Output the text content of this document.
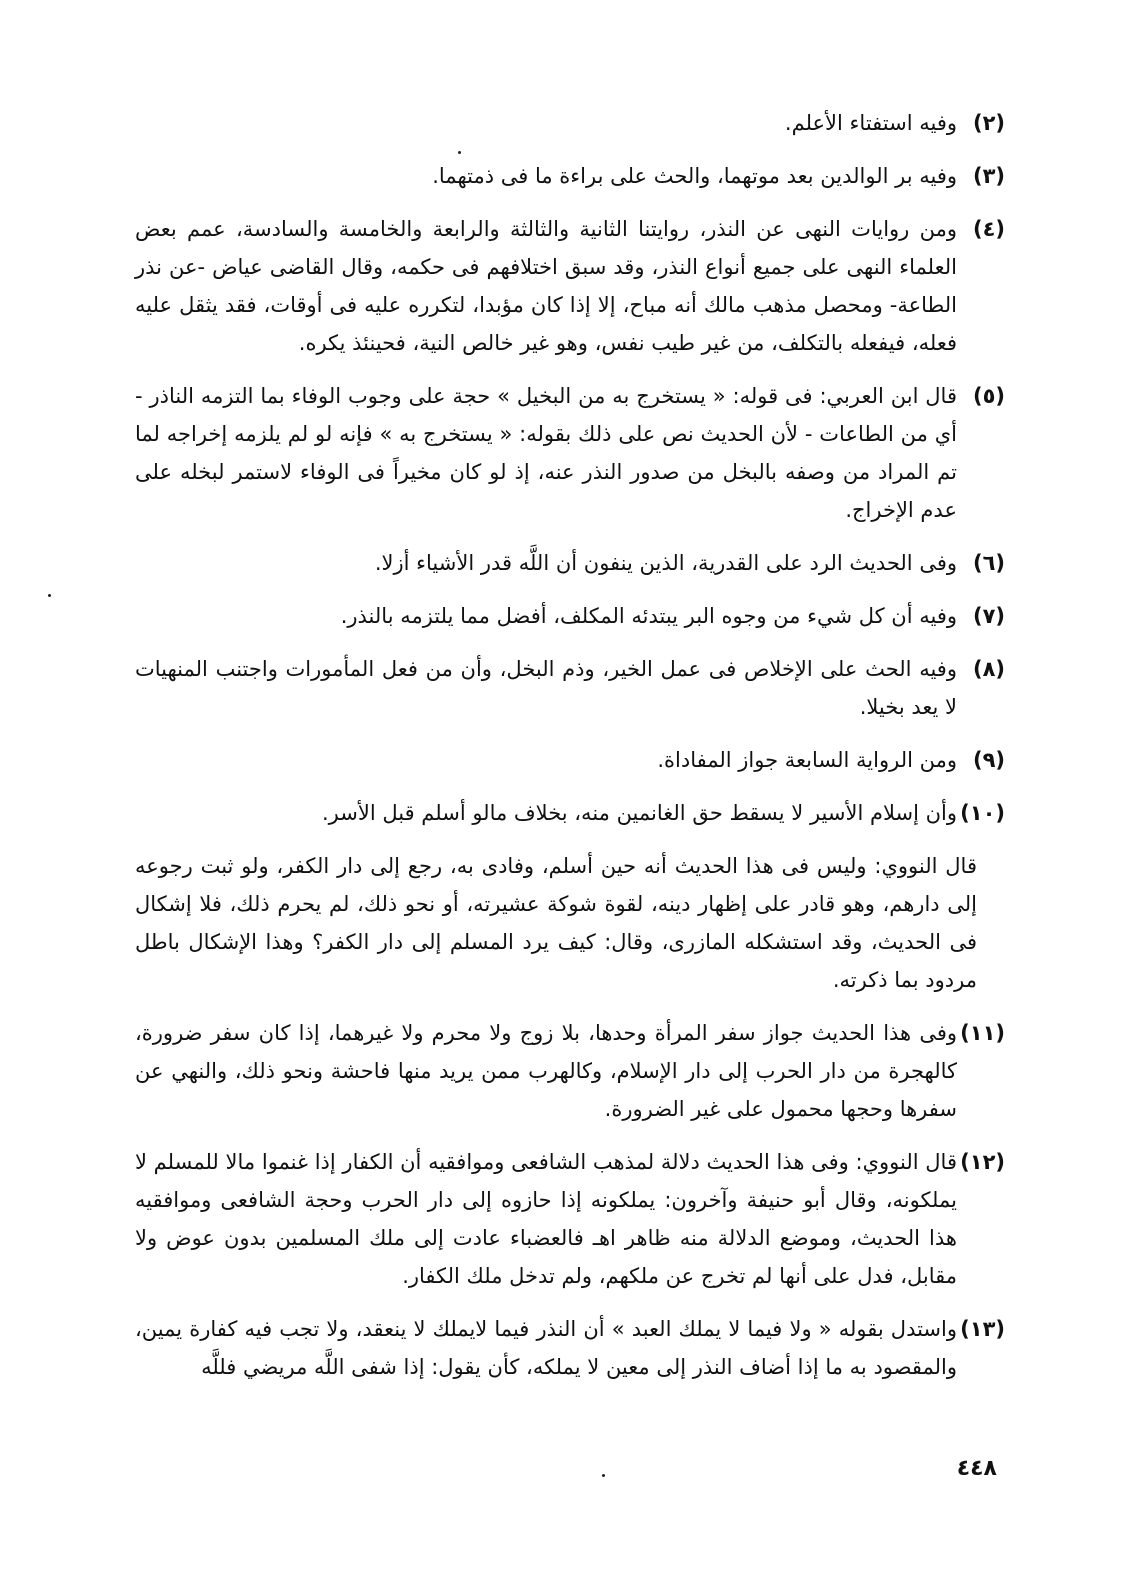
(٢)
وفيه استفتاء الأعلم.
(٣)
وفيه بر الوالدين بعد موتهما، والحث على براءة ما فى ذمتهما.
(٤)
ومن روايات النهى عن النذر، روايتنا الثانية والثالثة والرابعة والخامسة والسادسة، عمم بعض العلماء النهى على جميع أنواع النذر، وقد سبق اختلافهم فى حكمه، وقال القاضى عياض -عن نذر الطاعة- ومحصل مذهب مالك أنه مباح، إلا إذا كان مؤبدا، لتكرره عليه فى أوقات، فقد يثقل عليه فعله، فيفعله بالتكلف، من غير طيب نفس، وهو غير خالص النية، فحينئذ يكره.
(٥)
قال ابن العربي: فى قوله: « يستخرج به من البخيل » حجة على وجوب الوفاء بما التزمه الناذر - أي من الطاعات - لأن الحديث نص على ذلك بقوله: « يستخرج به » فإنه لو لم يلزمه إخراجه لما تم المراد من وصفه بالبخل من صدور النذر عنه، إذ لو كان مخيراً فى الوفاء لاستمر لبخله على عدم الإخراج.
(٦)
وفى الحديث الرد على القدرية، الذين ينفون أن اللَّه قدر الأشياء أزلا.
(٧)
وفيه أن كل شيء من وجوه البر يبتدئه المكلف، أفضل مما يلتزمه بالنذر.
(٨)
وفيه الحث على الإخلاص فى عمل الخير، وذم البخل، وأن من فعل المأمورات واجتنب المنهيات لا يعد بخيلا.
(٩)
ومن الرواية السابعة جواز المفاداة.
(١٠)
وأن إسلام الأسير لا يسقط حق الغانمين منه، بخلاف مالو أسلم قبل الأسر.
قال النووي: وليس فى هذا الحديث أنه حين أسلم، وفادى به، رجع إلى دار الكفر، ولو ثبت رجوعه إلى دارهم، وهو قادر على إظهار دينه، لقوة شوكة عشيرته، أو نحو ذلك، لم يحرم ذلك، فلا إشكال فى الحديث، وقد استشكله المازرى، وقال: كيف يرد المسلم إلى دار الكفر؟ وهذا الإشكال باطل مردود بما ذكرته.
(١١)
وفى هذا الحديث جواز سفر المرأة وحدها، بلا زوج ولا محرم ولا غيرهما، إذا كان سفر ضرورة، كالهجرة من دار الحرب إلى دار الإسلام، وكالهرب ممن يريد منها فاحشة ونحو ذلك، والنهي عن سفرها وحجها محمول على غير الضرورة.
(١٢)
قال النووي: وفى هذا الحديث دلالة لمذهب الشافعى وموافقيه أن الكفار إذا غنموا مالا للمسلم لا يملكونه، وقال أبو حنيفة وآخرون: يملكونه إذا حازوه إلى دار الحرب وحجة الشافعى وموافقيه هذا الحديث، وموضع الدلالة منه ظاهر اهـ فالعضباء عادت إلى ملك المسلمين بدون عوض ولا مقابل، فدل على أنها لم تخرج عن ملكهم، ولم تدخل ملك الكفار.
(١٣)
واستدل بقوله « ولا فيما لا يملك العبد » أن النذر فيما لايملك لا ينعقد، ولا تجب فيه كفارة يمين، والمقصود به ما إذا أضاف النذر إلى معين لا يملكه، كأن يقول: إذا شفى اللَّه مريضي فللَّه
٤٤٨
